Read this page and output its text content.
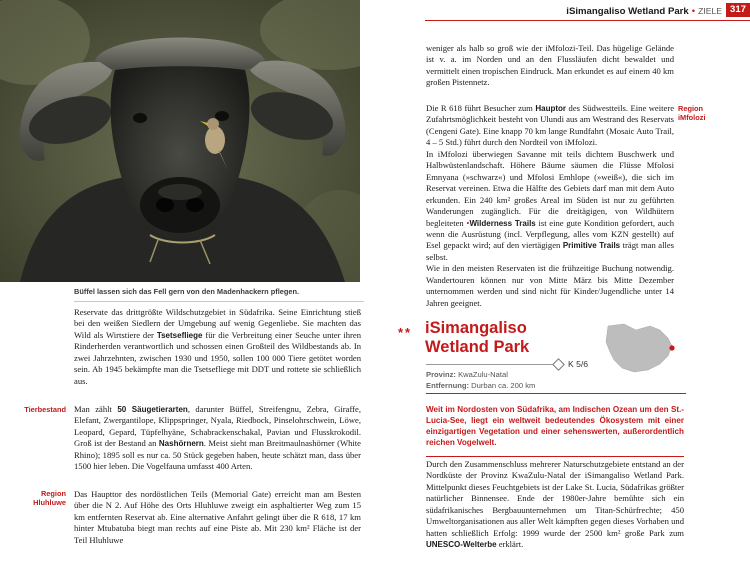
Büffel lassen sich das Fell gern von den Madenhackern pflegen.

Reservate das drittgrößte Wildschutzgebiet in Südafrika. Seine Einrichtung stieß bei den weißen Siedlern der Umgebung auf wenig Gegenliebe. Sie machten das Wild als Wirtstiere der Tsetsefliege für die Verbreitung einer Seuche unter ihren Rinderherden verantwortlich und schossen einen Großteil des Wildbestands ab. In zwei Jahrzehnten, zwischen 1930 und 1950, sollen 100 000 Tiere getötet worden sein. Ab 1945 bekämpfte man die Tsetsefliege mit DDT und rottete sie schließlich aus.

Tierbestand Man zählt 50 Säugetierarten, darunter Büffel, Streifengnu, Zebra, Giraffe, Elefant, Zwergantilope, Klippspringer, Nyala, Riedbock, Pinselohrschwein, Löwe, Leopard, Gepard, Tüpfelhyäne, Schabrackenschakal, Pavian und Flusskrokodil. Groß ist der Bestand an Nashörnern. Meist sieht man Breitmaulnashörner (White Rhino); 1895 soll es nur ca. 50 Stück gegeben haben, heute schätzt man, dass über 1500 hier leben. Die Vogelfauna umfasst 400 Arten.

Region
Hluhluwe

Das Haupttor des nordöstlichen Teils (Memorial Gate) erreicht man am Besten über die N 2. Auf Höhe des Orts Hluhluwe zweigt ein asphaltierter Weg zum 15 km entfernten Reservat ab. Eine alternative Anfahrt gelingt über die R 618, 17 km hinter Mtubatuba biegt man rechts auf eine Piste ab. Mit 230 km² Fläche ist der Teil Hluhluwe

iSimangaliso Wetland Park • ZIELE 317

weniger als halb so groß wie der iMfolozi-Teil. Das hügelige Gelände ist v. a. im Norden und an den Flussläufen dicht bewaldet und vermittelt einen tropischen Eindruck. Man erkundet es auf einem 40 km großen Pistennetz.

Region
iMfolozi

Die R 618 führt Besucher zum Hauptor des Südwestteils. Eine weitere Zufahrtsmöglichkeit besteht von Ulundi aus am Westrand des Reservats (Cengeni Gate). Eine knapp 70 km lange Rundfahrt (Mosaic Auto Trail, 4 – 5 Std.) führt durch den Nordteil von iMfolozi.

In iMfolozi überwiegen Savanne mit teils dichtem Buschwerk und Halbwüstenlandschaft. Höhere Bäume säumen die Flüsse Mfolosi Emnyana (»schwarz«) und Mfolosi Emhlope (»weiß«), die sich im Reservat vereinen. Etwa die Hälfte des Gebiets darf man mit dem Auto erkunden. Ein 240 km² großes Areal im Süden ist nur zu geführten Wanderungen zugänglich. Für die dreitägigen, von Wildhütern begleiteten •Wilderness Trails ist eine gute Kondition gefordert, auch wenn die Ausrüstung (incl. Verpflegung, alles vom KZN gestellt) auf Esel gepackt wird; auf den viertägigen Primitive Trails trägt man alles selbst.

Wie in den meisten Reservaten ist die frühzeitige Buchung notwendig. Wandertouren können nur von Mitte März bis Mitte Dezember unternommen werden und sind nicht für Kinder/Jugendliche unter 14 Jahren geeignet.

** iSimangaliso
Wetland Park
K 5/6
Provinz: KwaZulu-Natal
Entfernung: Durban ca. 200 km
Weit im Nordosten von Südafrika, am Indischen Ozean um den St.-Lucia-See, liegt ein weltweit bedeutendes Ökosystem mit einer einzigartigen Vegetation und einer sehenswerten, außerordentlich reichen Vogelwelt.

Durch den Zusammenschluss mehrerer Naturschutzgebiete entstand an der Nordküste der Provinz KwaZulu-Natal der iSimangaliso Wetland Park. Mittelpunkt dieses Feuchtgebiets ist der Lake St. Lucia, Südafrikas größter natürlicher Binnensee. Ende der 1980er-Jahre bemühte sich ein südafrikanisches Bergbauunternehmen um Titan-Schürfrechte; 450 Umweltorganisationen aus aller Welt kämpften gegen dieses Vorhaben und hatten schließlich Erfolg: 1999 wurde der 2500 km² große Park zum UNESCO-Welterbe erklärt.
